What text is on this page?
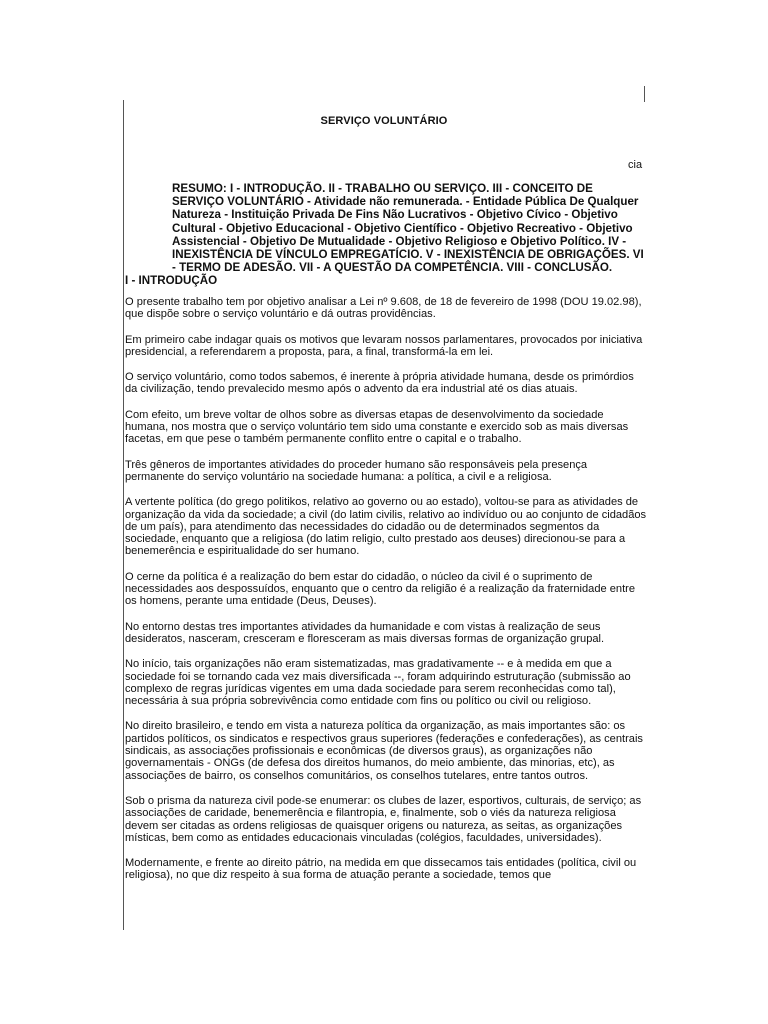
SERVIÇO VOLUNTÁRIO
cia

RESUMO: I - INTRODUÇÃO. II - TRABALHO OU SERVIÇO. III - CONCEITO DE SERVIÇO VOLUNTÁRIO - Atividade não remunerada. - Entidade Pública De Qualquer Natureza - Instituição Privada De Fins Não Lucrativos - Objetivo Cívico - Objetivo Cultural - Objetivo Educacional - Objetivo Científico - Objetivo Recreativo - Objetivo Assistencial - Objetivo De Mutualidade - Objetivo Religioso e Objetivo Político. IV - INEXISTÊNCIA DE VÍNCULO EMPREGATÍCIO. V - INEXISTÊNCIA DE OBRIGAÇÕES. VI - TERMO DE ADESÃO. VII - A QUESTÃO DA COMPETÊNCIA. VIII - CONCLUSÃO.

I - INTRODUÇÃO

O presente trabalho tem por objetivo analisar a Lei nº 9.608, de 18 de fevereiro de 1998 (DOU 19.02.98), que dispõe sobre o serviço voluntário e dá outras providências.

Em primeiro cabe indagar quais os motivos que levaram nossos parlamentares, provocados por iniciativa presidencial, a referendarem a proposta, para, a final, transformá-la em lei.

O serviço voluntário, como todos sabemos, é inerente à própria atividade humana, desde os primórdios da civilização, tendo prevalecido mesmo após o advento da era industrial até os dias atuais.

Com efeito, um breve voltar de olhos sobre as diversas etapas de desenvolvimento da sociedade humana, nos mostra que o serviço voluntário tem sido uma constante e exercido sob as mais diversas facetas, em que pese o também permanente conflito entre o capital e o trabalho.

Três gêneros de importantes atividades do proceder humano são responsáveis pela presença permanente do serviço voluntário na sociedade humana: a política, a civil e a religiosa.

A vertente política (do grego politikos, relativo ao governo ou ao estado), voltou-se para as atividades de organização da vida da sociedade; a civil (do latim civilis, relativo ao indivíduo ou ao conjunto de cidadãos de um país), para atendimento das necessidades do cidadão ou de determinados segmentos da sociedade, enquanto que a religiosa (do latim religio, culto prestado aos deuses) direcionou-se para a benemerência e espiritualidade do ser humano.

O cerne da política é a realização do bem estar do cidadão, o núcleo da civil é o suprimento de necessidades aos despossuídos, enquanto que o centro da religião é a realização da fraternidade entre os homens, perante uma entidade (Deus, Deuses).

No entorno destas tres importantes atividades da humanidade e com vistas à realização de seus desideratos, nasceram, cresceram e floresceram as mais diversas formas de organização grupal.

No início, tais organizações não eram sistematizadas, mas gradativamente -- e à medida em que a sociedade foi se tornando cada vez mais diversificada --, foram adquirindo estruturação (submissão ao complexo de regras jurídicas vigentes em uma dada sociedade para serem reconhecidas como tal), necessária à sua própria sobrevivência como entidade com fins ou político ou civil ou religioso.

No direito brasileiro, e tendo em vista a natureza política da organização, as mais importantes são: os partidos políticos, os sindicatos e respectivos graus superiores (federações e confederações), as centrais sindicais, as associações profissionais e econômicas (de diversos graus), as organizações não governamentais - ONGs (de defesa dos direitos humanos, do meio ambiente, das minorias, etc), as associações de bairro, os conselhos comunitários, os conselhos tutelares, entre tantos outros.

Sob o prisma da natureza civil pode-se enumerar: os clubes de lazer, esportivos, culturais, de serviço; as associações de caridade, benemerência e filantropia, e, finalmente, sob o viés da natureza religiosa devem ser citadas as ordens religiosas de quaisquer origens ou natureza, as seitas, as organizações místicas, bem como as entidades educacionais vinculadas (colégios, faculdades, universidades).

Modernamente, e frente ao direito pátrio, na medida em que dissecamos tais entidades (política, civil ou religiosa), no que diz respeito à sua forma de atuação perante a sociedade, temos que
